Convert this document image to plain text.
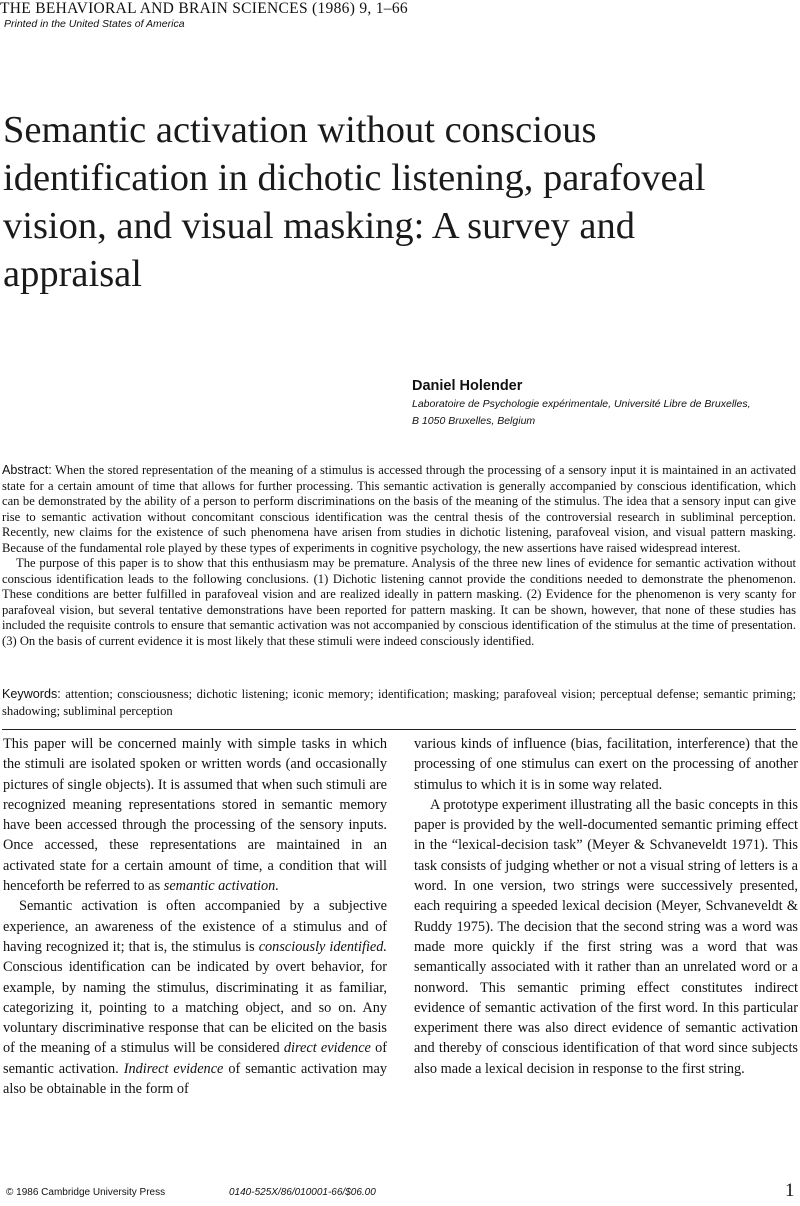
THE BEHAVIORAL AND BRAIN SCIENCES (1986) 9, 1–66
Printed in the United States of America
Semantic activation without conscious identification in dichotic listening, parafoveal vision, and visual masking: A survey and appraisal
Daniel Holender
Laboratoire de Psychologie expérimentale, Université Libre de Bruxelles,
B 1050 Bruxelles, Belgium

Abstract: When the stored representation of the meaning of a stimulus is accessed through the processing of a sensory input it is maintained in an activated state for a certain amount of time that allows for further processing. This semantic activation is generally accompanied by conscious identification, which can be demonstrated by the ability of a person to perform discriminations on the basis of the meaning of the stimulus. The idea that a sensory input can give rise to semantic activation without concomitant conscious identification was the central thesis of the controversial research in subliminal perception. Recently, new claims for the existence of such phenomena have arisen from studies in dichotic listening, parafoveal vision, and visual pattern masking. Because of the fundamental role played by these types of experiments in cognitive psychology, the new assertions have raised widespread interest.

The purpose of this paper is to show that this enthusiasm may be premature. Analysis of the three new lines of evidence for semantic activation without conscious identification leads to the following conclusions. (1) Dichotic listening cannot provide the conditions needed to demonstrate the phenomenon. These conditions are better fulfilled in parafoveal vision and are realized ideally in pattern masking. (2) Evidence for the phenomenon is very scanty for parafoveal vision, but several tentative demonstrations have been reported for pattern masking. It can be shown, however, that none of these studies has included the requisite controls to ensure that semantic activation was not accompanied by conscious identification of the stimulus at the time of presentation. (3) On the basis of current evidence it is most likely that these stimuli were indeed consciously identified.

Keywords: attention; consciousness; dichotic listening; iconic memory; identification; masking; parafoveal vision; perceptual defense; semantic priming; shadowing; subliminal perception

This paper will be concerned mainly with simple tasks in which the stimuli are isolated spoken or written words (and occasionally pictures of single objects). It is assumed that when such stimuli are recognized meaning representations stored in semantic memory have been accessed through the processing of the sensory inputs. Once accessed, these representations are maintained in an activated state for a certain amount of time, a condition that will henceforth be referred to as semantic activation.

Semantic activation is often accompanied by a subjective experience, an awareness of the existence of a stimulus and of having recognized it; that is, the stimulus is consciously identified. Conscious identification can be indicated by overt behavior, for example, by naming the stimulus, discriminating it as familiar, categorizing it, pointing to a matching object, and so on. Any voluntary discriminative response that can be elicited on the basis of the meaning of a stimulus will be considered direct evidence of semantic activation. Indirect evidence of semantic activation may also be obtainable in the form of

various kinds of influence (bias, facilitation, interference) that the processing of one stimulus can exert on the processing of another stimulus to which it is in some way related.

A prototype experiment illustrating all the basic concepts in this paper is provided by the well-documented semantic priming effect in the “lexical-decision task” (Meyer & Schvaneveldt 1971). This task consists of judging whether or not a visual string of letters is a word. In one version, two strings were successively presented, each requiring a speeded lexical decision (Meyer, Schvaneveldt & Ruddy 1975). The decision that the second string was a word was made more quickly if the first string was a word that was semantically associated with it rather than an unrelated word or a nonword. This semantic priming effect constitutes indirect evidence of semantic activation of the first word. In this particular experiment there was also direct evidence of semantic activation and thereby of conscious identification of that word since subjects also made a lexical decision in response to the first string.

© 1986 Cambridge University Press	0140-525X/86/010001-66/$06.00	1
